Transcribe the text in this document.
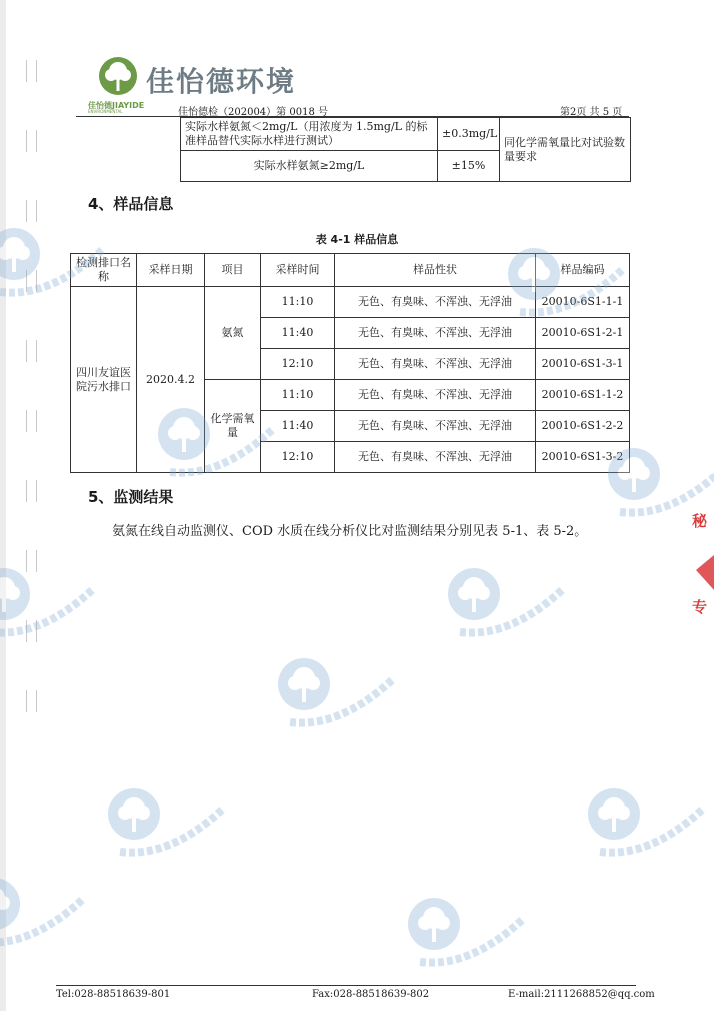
佳怡德环境
佳怡德JIAYIDE
ENVIRONMENTAL	佳怡德检（202004）第 0018 号	第2页 共 5 页
实际水样氨氮＜2mg/L（用浓度为 1.5mg/L 的标准样品替代实际水样进行测试）	±0.3mg/L	同化学需氧量比对试验数量要求
实际水样氨氮≥2mg/L	±15%	
4、样品信息
表 4-1 样品信息
检测排口名称	采样日期	项目	采样时间	样品性状	样品编码
四川友谊医院污水排口	2020.4.2	氨氮	11:10	无色、有臭味、不浑浊、无浮油	20010-6S1-1-1
			11:40	无色、有臭味、不浑浊、无浮油	20010-6S1-2-1
			12:10	无色、有臭味、不浑浊、无浮油	20010-6S1-3-1
		化学需氧量	11:10	无色、有臭味、不浑浊、无浮油	20010-6S1-1-2
			11:40	无色、有臭味、不浑浊、无浮油	20010-6S1-2-2
			12:10	无色、有臭味、不浑浊、无浮油	20010-6S1-3-2
5、监测结果
氨氮在线自动监测仪、COD 水质在线分析仪比对监测结果分别见表 5-1、表 5-2。
秘
专
Tel:028-88518639-801	Fax:028-88518639-802	E-mail:2111268852@qq.com
